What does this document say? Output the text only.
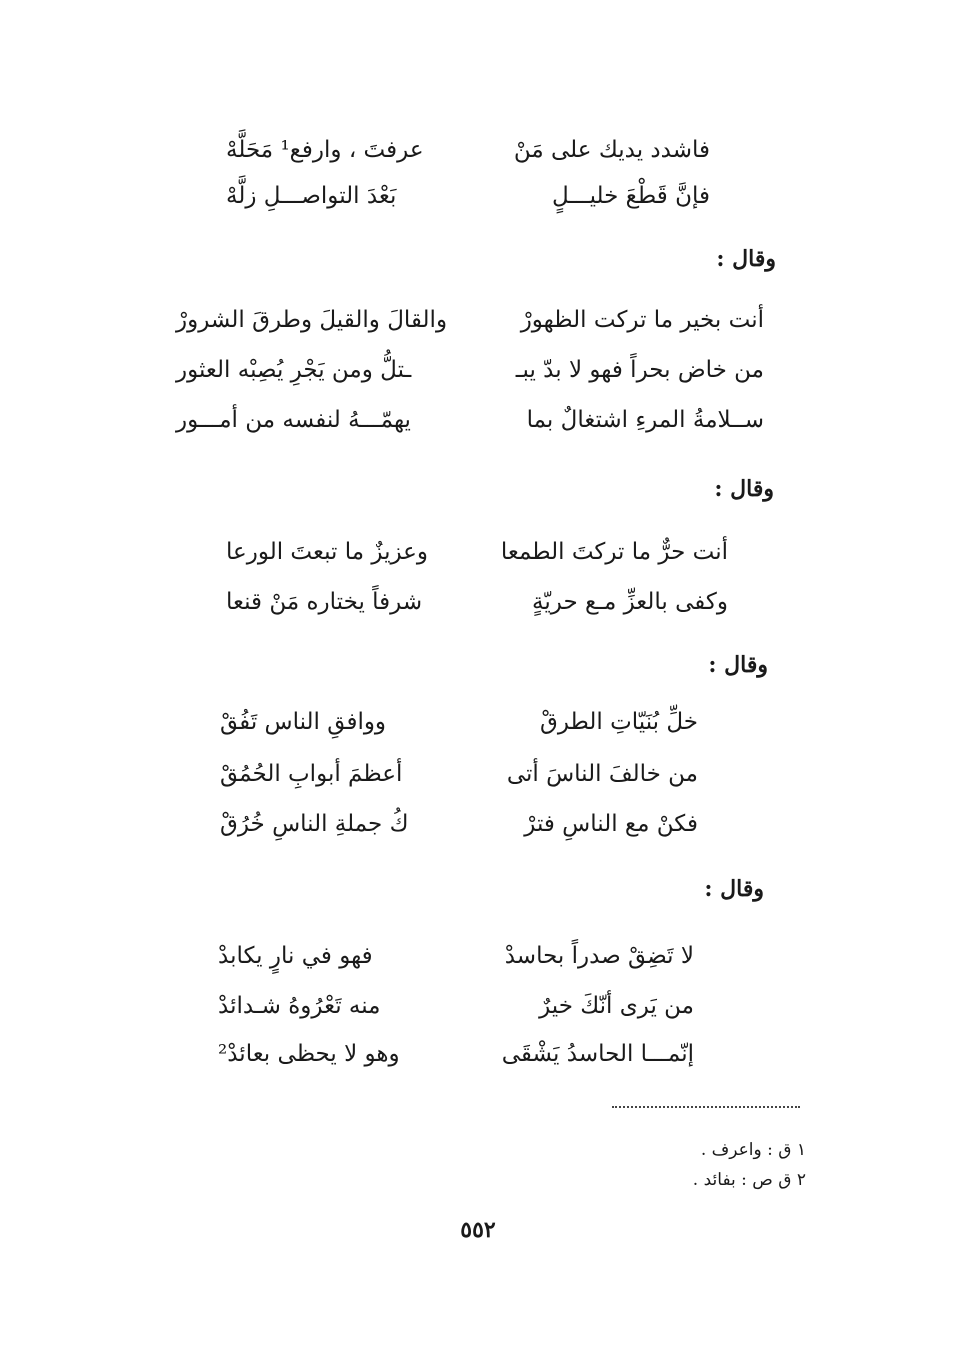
فاشدد يديك على مَنْ
عرفتَ ، وارفع¹ مَحَلَّهْ
فإنَّ قَطْعَ خليـــلٍ
بَعْدَ التواصـــلِ زلَّهْ
وقال :
أنت بخير ما تركت الظهورْ
والقالَ والقيلَ وطرقَ الشرورْ
من خاض بحراً فهو لا بدّ يبـ
ـتلُّ ومن يَجْرِ يُصِبْه العثور
ســلامةُ المرءِ اشتغالٌ بما
يهمّـــهُ لنفسه من أمـــور
وقال :
أنت حرٌّ ما تركتَ الطمعا
وعزيزٌ ما تبعتَ الورعا
وكفى بالعزِّ مـع حريّةٍ
شرفاً يختاره مَنْ قنعا
وقال :
خلِّ بُنَيّاتِ الطرقْ
ووافقِ الناس تَفُقْ
من خالفَ الناسَ أتى
أعظمَ أبوابِ الحُمُقْ
فكنْ مع الناسِ فترْ
كُ جملةِ الناسِ خُرُقْ
وقال :
لا تَضِقْ صدراً بحاسدْ
فهو في نارٍ يكابدْ
من يَرى أنّكَ خيرٌ
منه تَعْرُوهُ شـدائدْ
إنّمـــا الحاسدُ يَشْقَى
وهو لا يحظى بعائدْ²
١ ق : واعرف .
٢ ق ص : بفائد .
٥٥٢
